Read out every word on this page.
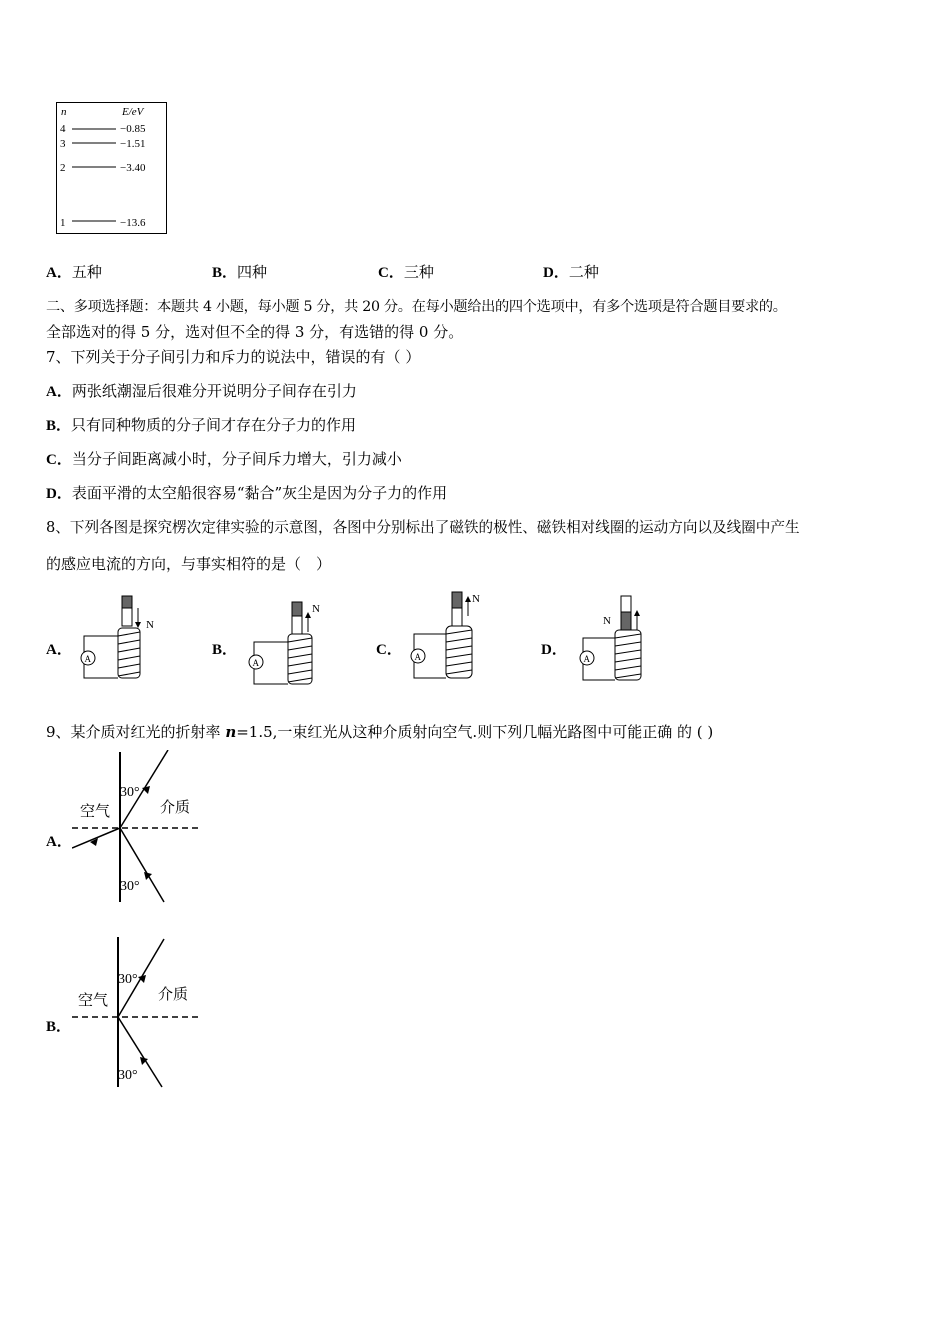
n	E/eV
4	−0.85
3	−1.51
2	−3.40
1	−13.6
A．五种	B．四种	C．三种	D．二种
二、多项选择题：本题共 4 小题，每小题 5 分，共 20 分。在每小题给出的四个选项中，有多个选项是符合题目要求的。
全部选对的得 5 分，选对但不全的得 3 分，有选错的得 0 分。
7、下列关于分子间引力和斥力的说法中，错误的有（ ）
A．两张纸潮湿后很难分开说明分子间存在引力
B．只有同种物质的分子间才存在分子力的作用
C．当分子间距离减小时，分子间斥力增大，引力减小
D．表面平滑的太空船很容易“黏合”灰尘是因为分子力的作用
8、下列各图是探究楞次定律实验的示意图，各图中分别标出了磁铁的极性、磁铁相对线圈的运动方向以及线圈中产生
的感应电流的方向，与事实相符的是（　）
A．
N
A
B．
N
A
C．
N
A	D．
N
A
9、某介质对红光的折射率 n=1.5,一束红光从这种介质射向空气.则下列几幅光路图中可能正确 的 ( )
A．
30°
30°
空气	介质
B．
30°
30°
空气	介质
